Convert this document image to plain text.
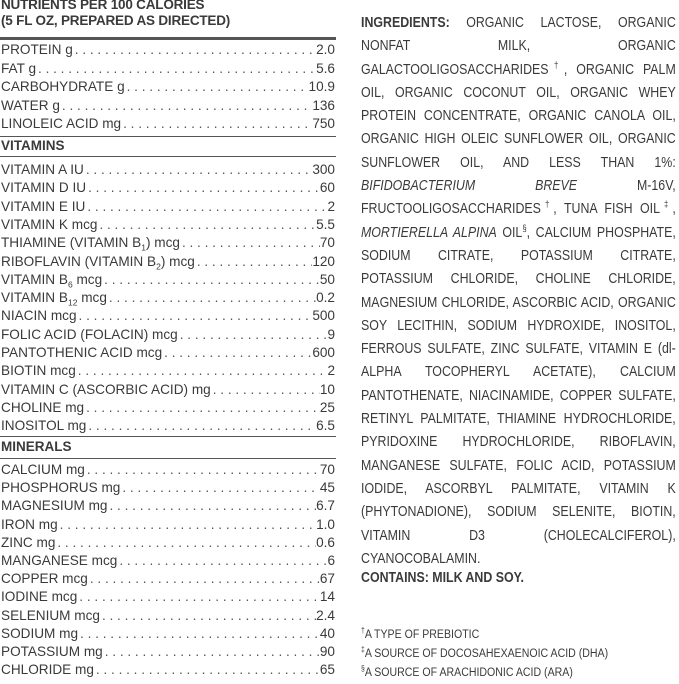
NUTRIENTS PER 100 CALORIES
(5 FL OZ, PREPARED AS DIRECTED)
PROTEIN g . . .	2.0
FAT g . . .	5.6
CARBOHYDRATE g . . .	10.9
WATER g . . .	136
LINOLEIC ACID mg . . .	750
VITAMINS
VITAMIN A IU . . .	300
VITAMIN D IU . . .	60
VITAMIN E IU . . .	2
VITAMIN K mcg . . .	5.5
THIAMINE (VITAMIN $B_1$) mcg . . .	70
RIBOFLAVIN (VITAMIN $B_2$) mcg . . .	120
VITAMIN $B_6$ mcg . . .	50
VITAMIN $B_{12}$ mcg . . .	0.2
NIACIN mcg . . .	500
FOLIC ACID (FOLACIN) mcg . . .	9
PANTOTHENIC ACID mcg . . .	600
BIOTIN mcg . . .	2
VITAMIN C (ASCORBIC ACID) mg . . .	10
CHOLINE mg . . .	25
INOSITOL mg . . .	6.5
MINERALS
CALCIUM mg . . .	70
PHOSPHORUS mg . . .	45
MAGNESIUM mg . . .	6.7
IRON mg . . .	1.0
ZINC mg . . .	0.6
MANGANESE mcg . . .	6
COPPER mcg . . .	67
IODINE mcg . . .	14
SELENIUM mcg . . .	2.4
SODIUM mg . . .	40
POTASSIUM mg . . .	90
CHLORIDE mg . . .	65
INGREDIENTS: ORGANIC LACTOSE, ORGANIC NONFAT MILK, ORGANIC GALACTOOLIGOSACCHARIDES†, ORGANIC PALM OIL, ORGANIC COCONUT OIL, ORGANIC WHEY PROTEIN CONCENTRATE, ORGANIC CANOLA OIL, ORGANIC HIGH OLEIC SUNFLOWER OIL, ORGANIC SUNFLOWER OIL, AND LESS THAN 1%: BIFIDOBACTERIUM BREVE M-16V, FRUCTOOLIGOSACCHARIDES†, TUNA FISH OIL‡, MORTIERELLA ALPINA OIL§, CALCIUM PHOSPHATE, SODIUM CITRATE, POTASSIUM CITRATE, POTASSIUM CHLORIDE, CHOLINE CHLORIDE, MAGNESIUM CHLORIDE, ASCORBIC ACID, ORGANIC SOY LECITHIN, SODIUM HYDROXIDE, INOSITOL, FERROUS SULFATE, ZINC SULFATE, VITAMIN E (dl-ALPHA TOCOPHERYL ACETATE), CALCIUM PANTOTHENATE, NIACINAMIDE, COPPER SULFATE, RETINYL PALMITATE, THIAMINE HYDROCHLORIDE, PYRIDOXINE HYDROCHLORIDE, RIBOFLAVIN, MANGANESE SULFATE, FOLIC ACID, POTASSIUM IODIDE, ASCORBYL PALMITATE, VITAMIN K (PHYTONADIONE), SODIUM SELENITE, BIOTIN, VITAMIN D3 (CHOLECALCIFEROL), CYANOCOBALAMIN.
CONTAINS: MILK AND SOY.
†A TYPE OF PREBIOTIC
‡A SOURCE OF DOCOSAHEXAENOIC ACID (DHA)
§A SOURCE OF ARACHIDONIC ACID (ARA)
